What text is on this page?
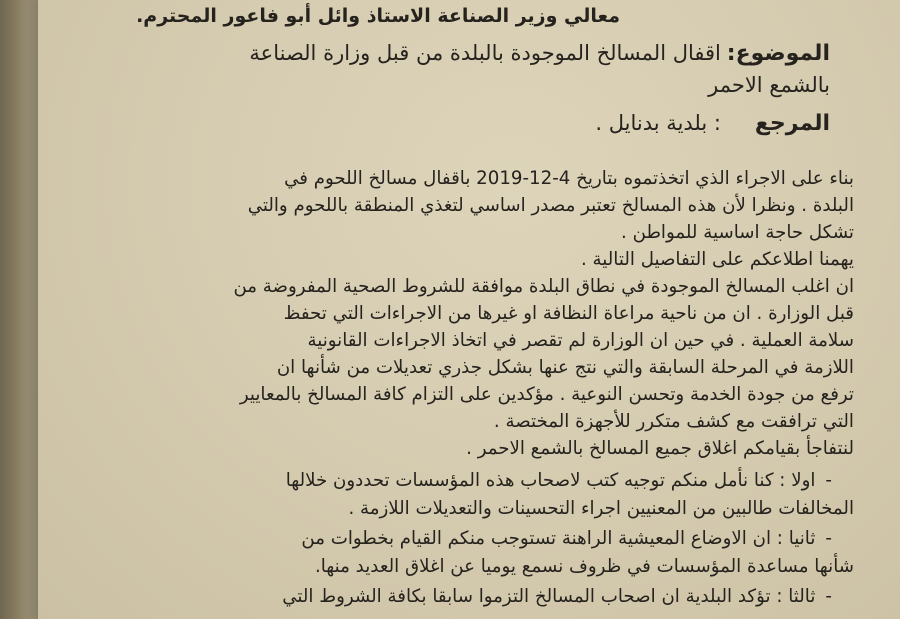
معالي وزير الصناعة الاستاذ وائل أبو فاعور المحترم.
الموضوع: اقفال المسالخ الموجودة بالبلدة من قبل وزارة الصناعة
بالشمع الاحمر
المرجع : بلدية بدنايل .
بناء على الاجراء الذي اتخذتموه بتاريخ 4-12-2019 باقفال مسالخ اللحوم في
البلدة . ونظرا لأن هذه المسالخ تعتبر مصدر اساسي لتغذي المنطقة باللحوم والتي
تشكل حاجة اساسية للمواطن .
يهمنا اطلاعكم على التفاصيل التالية .
ان اغلب المسالخ الموجودة في نطاق البلدة موافقة للشروط الصحية المفروضة من
قبل الوزارة . ان من ناحية مراعاة النظافة او غيرها من الاجراءات التي تحفظ
سلامة العملية . في حين ان الوزارة لم تقصر في اتخاذ الاجراءات القانونية
اللازمة في المرحلة السابقة والتي نتج عنها بشكل جذري تعديلات من شأنها ان
ترفع من جودة الخدمة وتحسن النوعية . مؤكدين على التزام كافة المسالخ بالمعايير
التي ترافقت مع كشف متكرر للأجهزة المختصة .
لنتفاجأ بقيامكم اغلاق جميع المسالخ بالشمع الاحمر .
-اولا : كنا نأمل منكم توجيه كتب لاصحاب هذه المؤسسات تحددون خلالها
المخالفات طالبين من المعنيين اجراء التحسينات والتعديلات اللازمة .
-ثانيا : ان الاوضاع المعيشية الراهنة تستوجب منكم القيام بخطوات من
شأنها مساعدة المؤسسات في ظروف نسمع يوميا عن اغلاق العديد منها.
-ثالثا : تؤكد البلدية ان اصحاب المسالخ التزموا سابقا بكافة الشروط التي
